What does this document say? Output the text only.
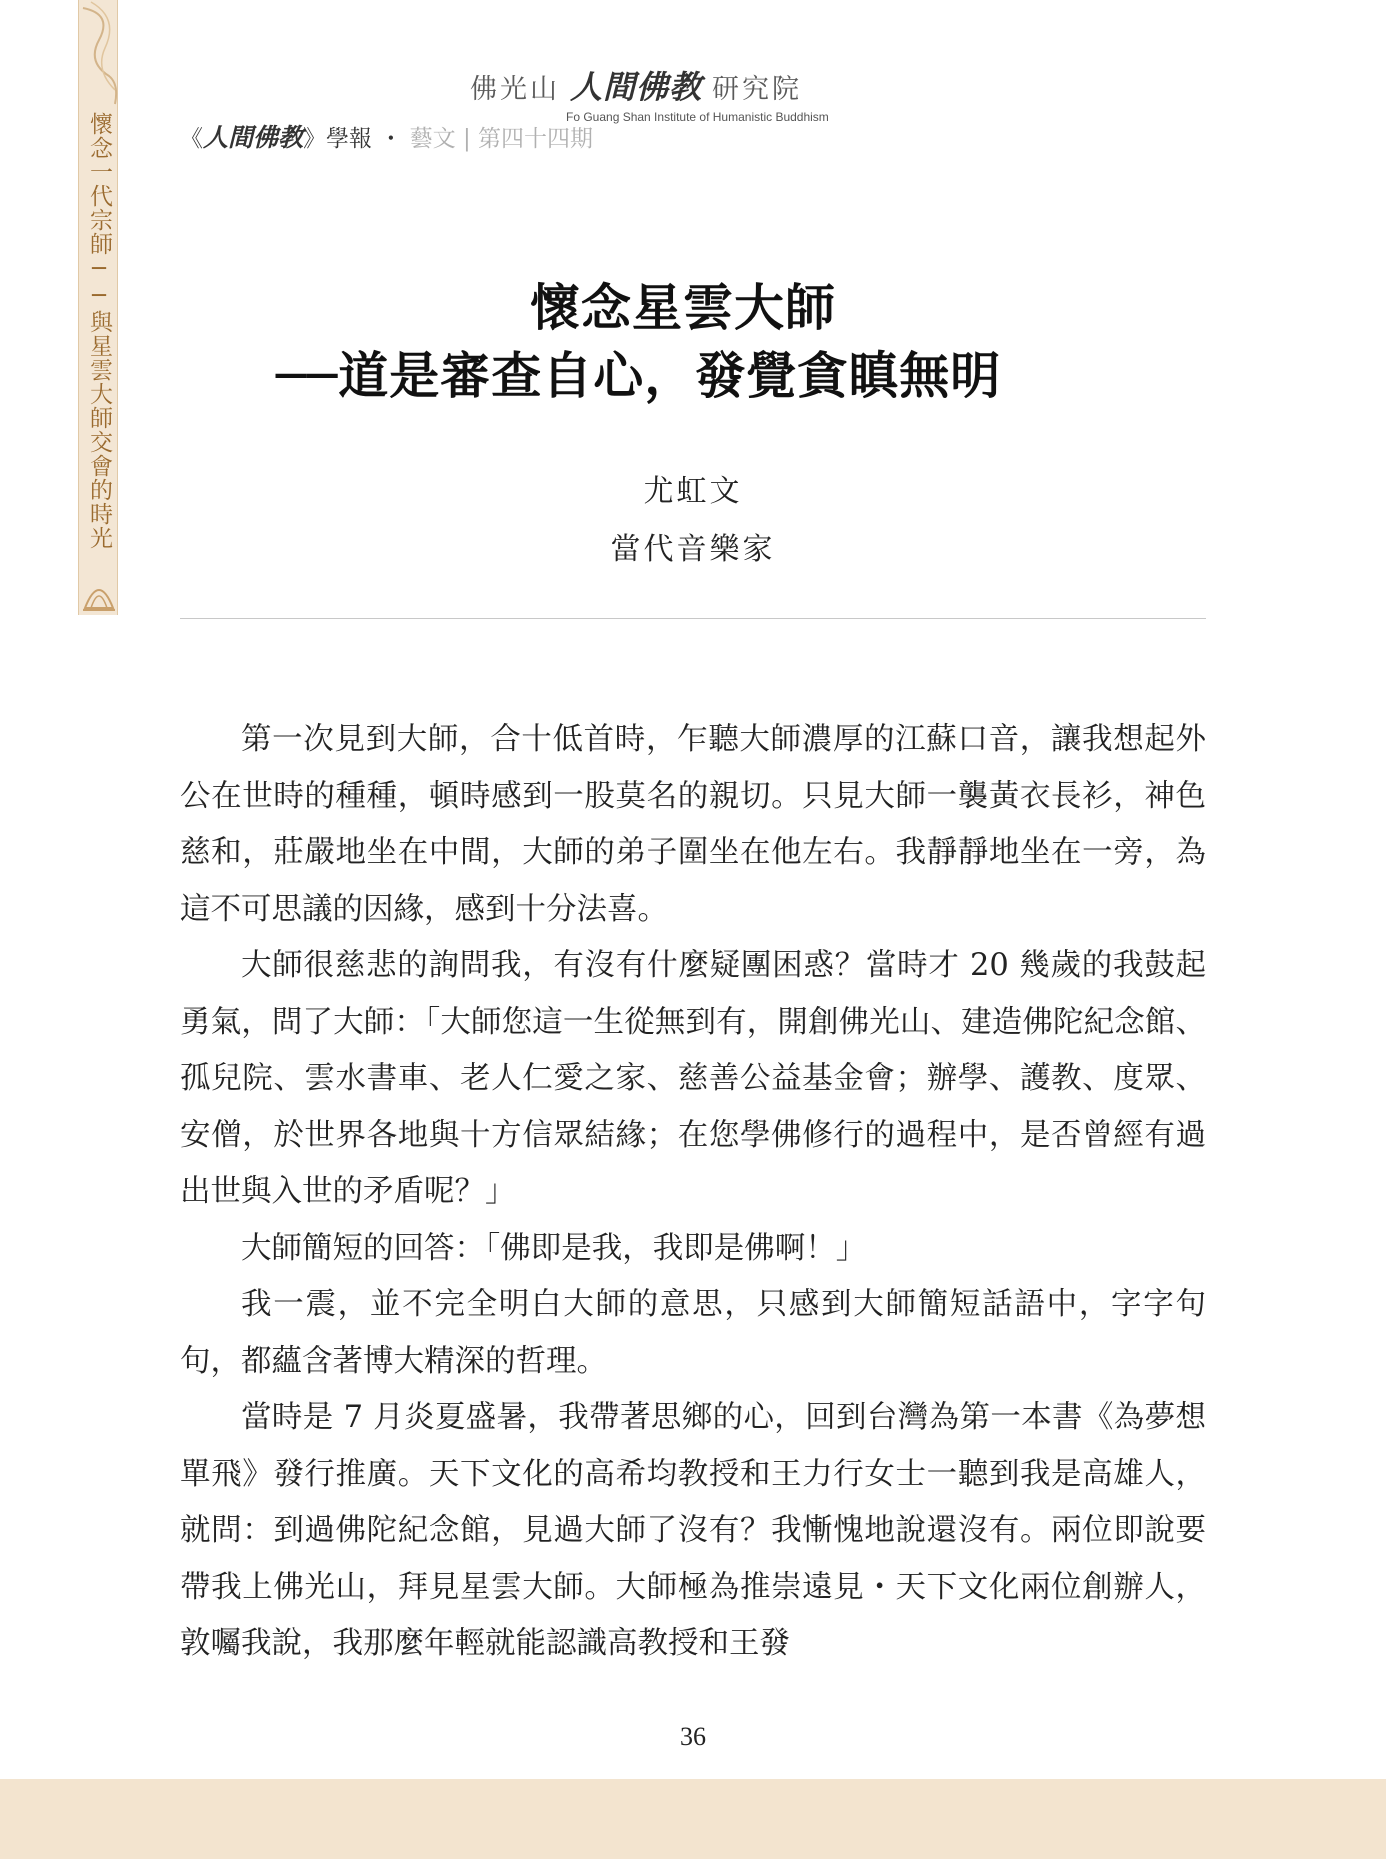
懷念一代宗師──與星雲大師交會的時光
佛光山 人間佛教 研究院
Fo Guang Shan Institute of Humanistic Buddhism
《人間佛教》學報 ・ 藝文 | 第四十四期
懷念星雲大師
──道是審查自心，發覺貪瞋無明
尤虹文
當代音樂家

第一次見到大師，合十低首時，乍聽大師濃厚的江蘇口音，讓我想起外公在世時的種種，頓時感到一股莫名的親切。只見大師一襲黃衣長衫，神色慈和，莊嚴地坐在中間，大師的弟子圍坐在他左右。我靜靜地坐在一旁，為這不可思議的因緣，感到十分法喜。

大師很慈悲的詢問我，有沒有什麼疑團困惑？當時才 20 幾歲的我鼓起勇氣，問了大師：「大師您這一生從無到有，開創佛光山、建造佛陀紀念館、孤兒院、雲水書車、老人仁愛之家、慈善公益基金會；辦學、護教、度眾、安僧，於世界各地與十方信眾結緣；在您學佛修行的過程中，是否曾經有過出世與入世的矛盾呢？」

大師簡短的回答：「佛即是我，我即是佛啊！」

我一震，並不完全明白大師的意思，只感到大師簡短話語中，字字句句，都蘊含著博大精深的哲理。

當時是 7 月炎夏盛暑，我帶著思鄉的心，回到台灣為第一本書《為夢想單飛》發行推廣。天下文化的高希均教授和王力行女士一聽到我是高雄人，就問：到過佛陀紀念館，見過大師了沒有？我慚愧地說還沒有。兩位即說要帶我上佛光山，拜見星雲大師。大師極為推崇遠見・天下文化兩位創辦人，敦囑我說，我那麼年輕就能認識高教授和王發

36
